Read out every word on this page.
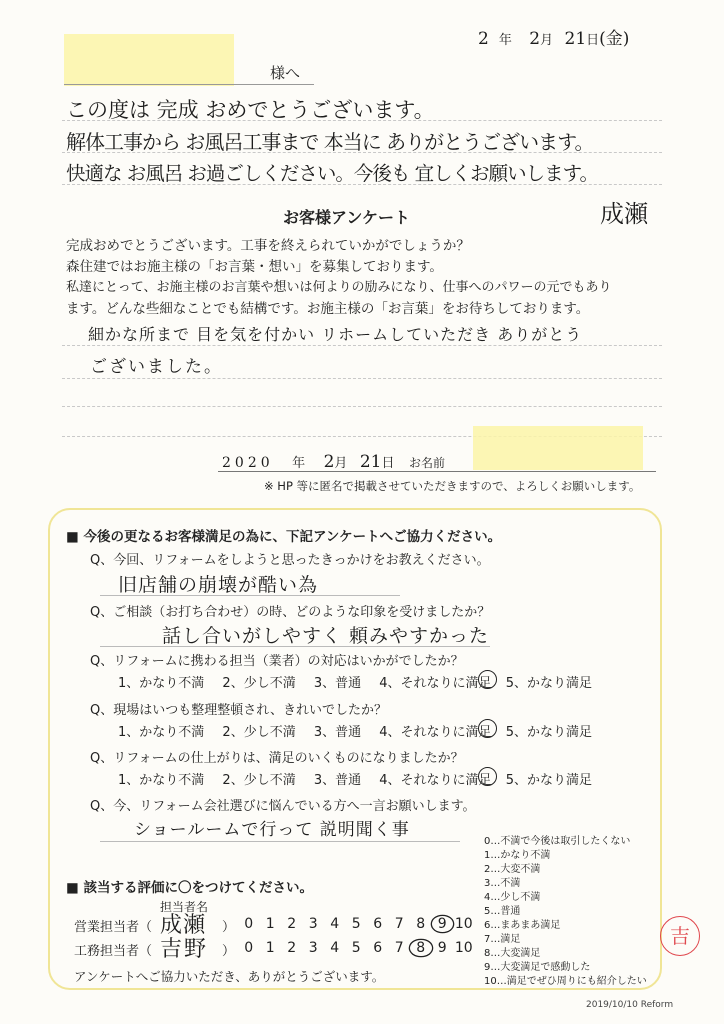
2 年 2月 21日(金)
様へ
この度は 完成 おめでとうございます。
解体工事から お風呂工事まで 本当に ありがとうございます。
快適な お風呂 お過ごしください。今後も 宜しくお願いします。
成瀬
お客様アンケート
完成おめでとうございます。工事を終えられていかがでしょうか？
森住建ではお施主様の「お言葉・想い」を募集しております。
私達にとって、お施主様のお言葉や想いは何よりの励みになり、仕事へのパワーの元でもあり
ます。どんな些細なことでも結構です。お施主様の「お言葉」をお待ちしております。
細かな所まで 目を気を付かい リホームしていただき ありがとう
ございました。
2020 年 2月 21日 お名前
※ HP 等に匿名で掲載させていただきますので、よろしくお願いします。
■ 今後の更なるお客様満足の為に、下記アンケートへご協力ください。
Q、今回、リフォームをしようと思ったきっかけをお教えください。
旧店舗の崩壊が酷い為
Q、ご相談（お打ち合わせ）の時、どのような印象を受けましたか？
話し合いがしやすく 頼みやすかった
Q、リフォームに携わる担当（業者）の対応はいかがでしたか？
1、かなり不満 2、少し不満 3、普通 4、それなりに満足 5、かなり満足
Q、現場はいつも整理整頓され、きれいでしたか？
1、かなり不満 2、少し不満 3、普通 4、それなりに満足 5、かなり満足
Q、リフォームの仕上がりは、満足のいくものになりましたか？
1、かなり不満 2、少し不満 3、普通 4、それなりに満足 5、かなり満足
Q、今、リフォーム会社選びに悩んでいる方へ一言お願いします。
ショールームで行って 説明聞く事
■ 該当する評価に〇をつけてください。
担当者名
営業担当者（ 成瀬 ） 0 1 2 3 4 5 6 7 8 9 10
工務担当者（ 吉野 ） 0 1 2 3 4 5 6 7 8 9 10
アンケートへご協力いただき、ありがとうございます。
0…不満で今後は取引したくない
1…かなり不満
2…大変不満
3…不満
4…少し不満
5…普通
6…まあまあ満足
7…満足
8…大変満足
9…大変満足で感動した
10…満足でぜひ周りにも紹介したい
吉
2019/10/10 Reform
